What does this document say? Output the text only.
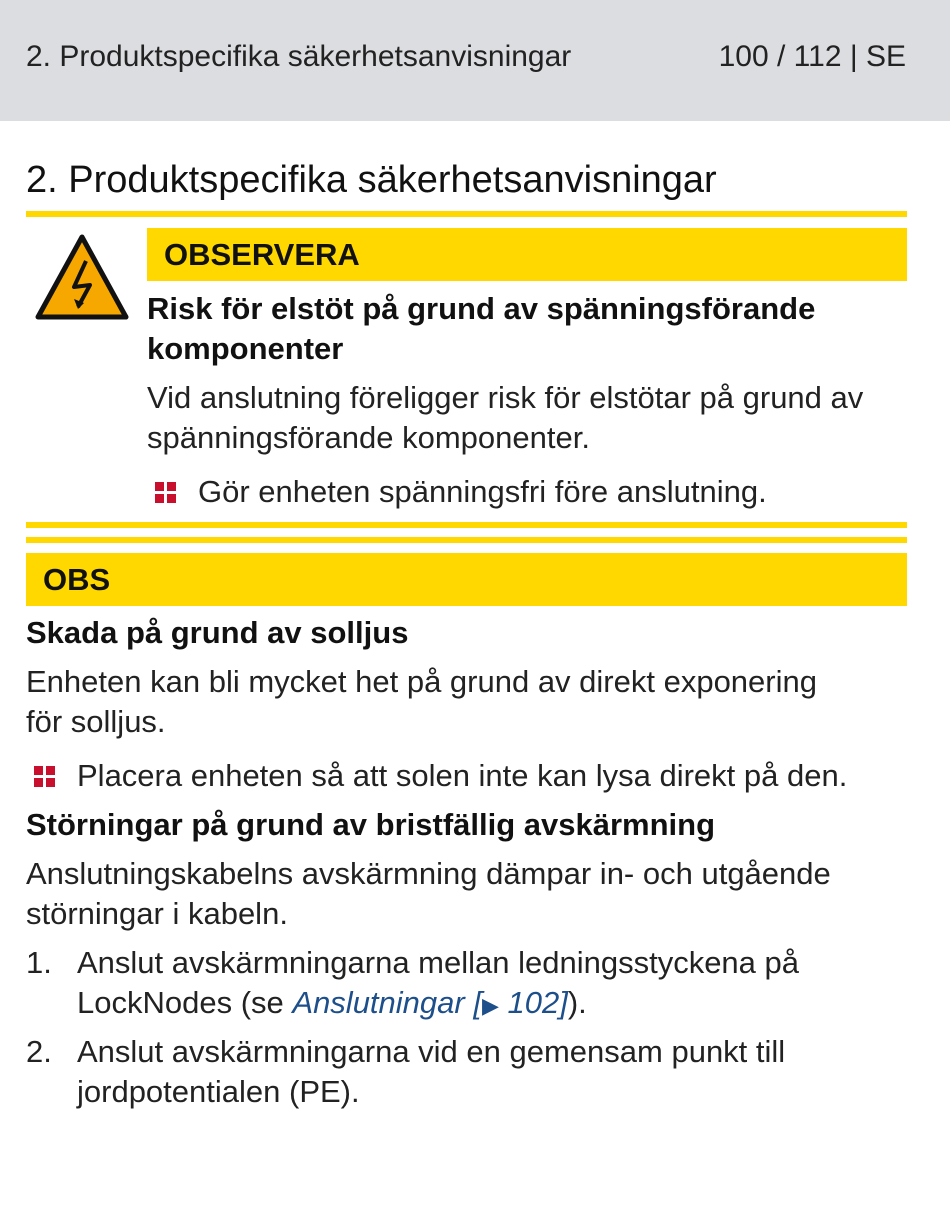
2. Produktspecifika säkerhetsanvisningar	100 / 112 | SE
2. Produktspecifika säkerhetsanvisningar
OBSERVERA
Risk för elstöt på grund av spänningsförande
komponenter
Vid anslutning föreligger risk för elstötar på grund av
spänningsförande komponenter.
Gör enheten spänningsfri före anslutning.
OBS
Skada på grund av solljus
Enheten kan bli mycket het på grund av direkt exponering
för solljus.
Placera enheten så att solen inte kan lysa direkt på den.
Störningar på grund av bristfällig avskärmning
Anslutningskabelns avskärmning dämpar in- och utgående
störningar i kabeln.
1. Anslut avskärmningarna mellan ledningsstyckena på
LockNodes (se Anslutningar [▶ 102]).
2. Anslut avskärmningarna vid en gemensam punkt till
jordpotentialen (PE).
